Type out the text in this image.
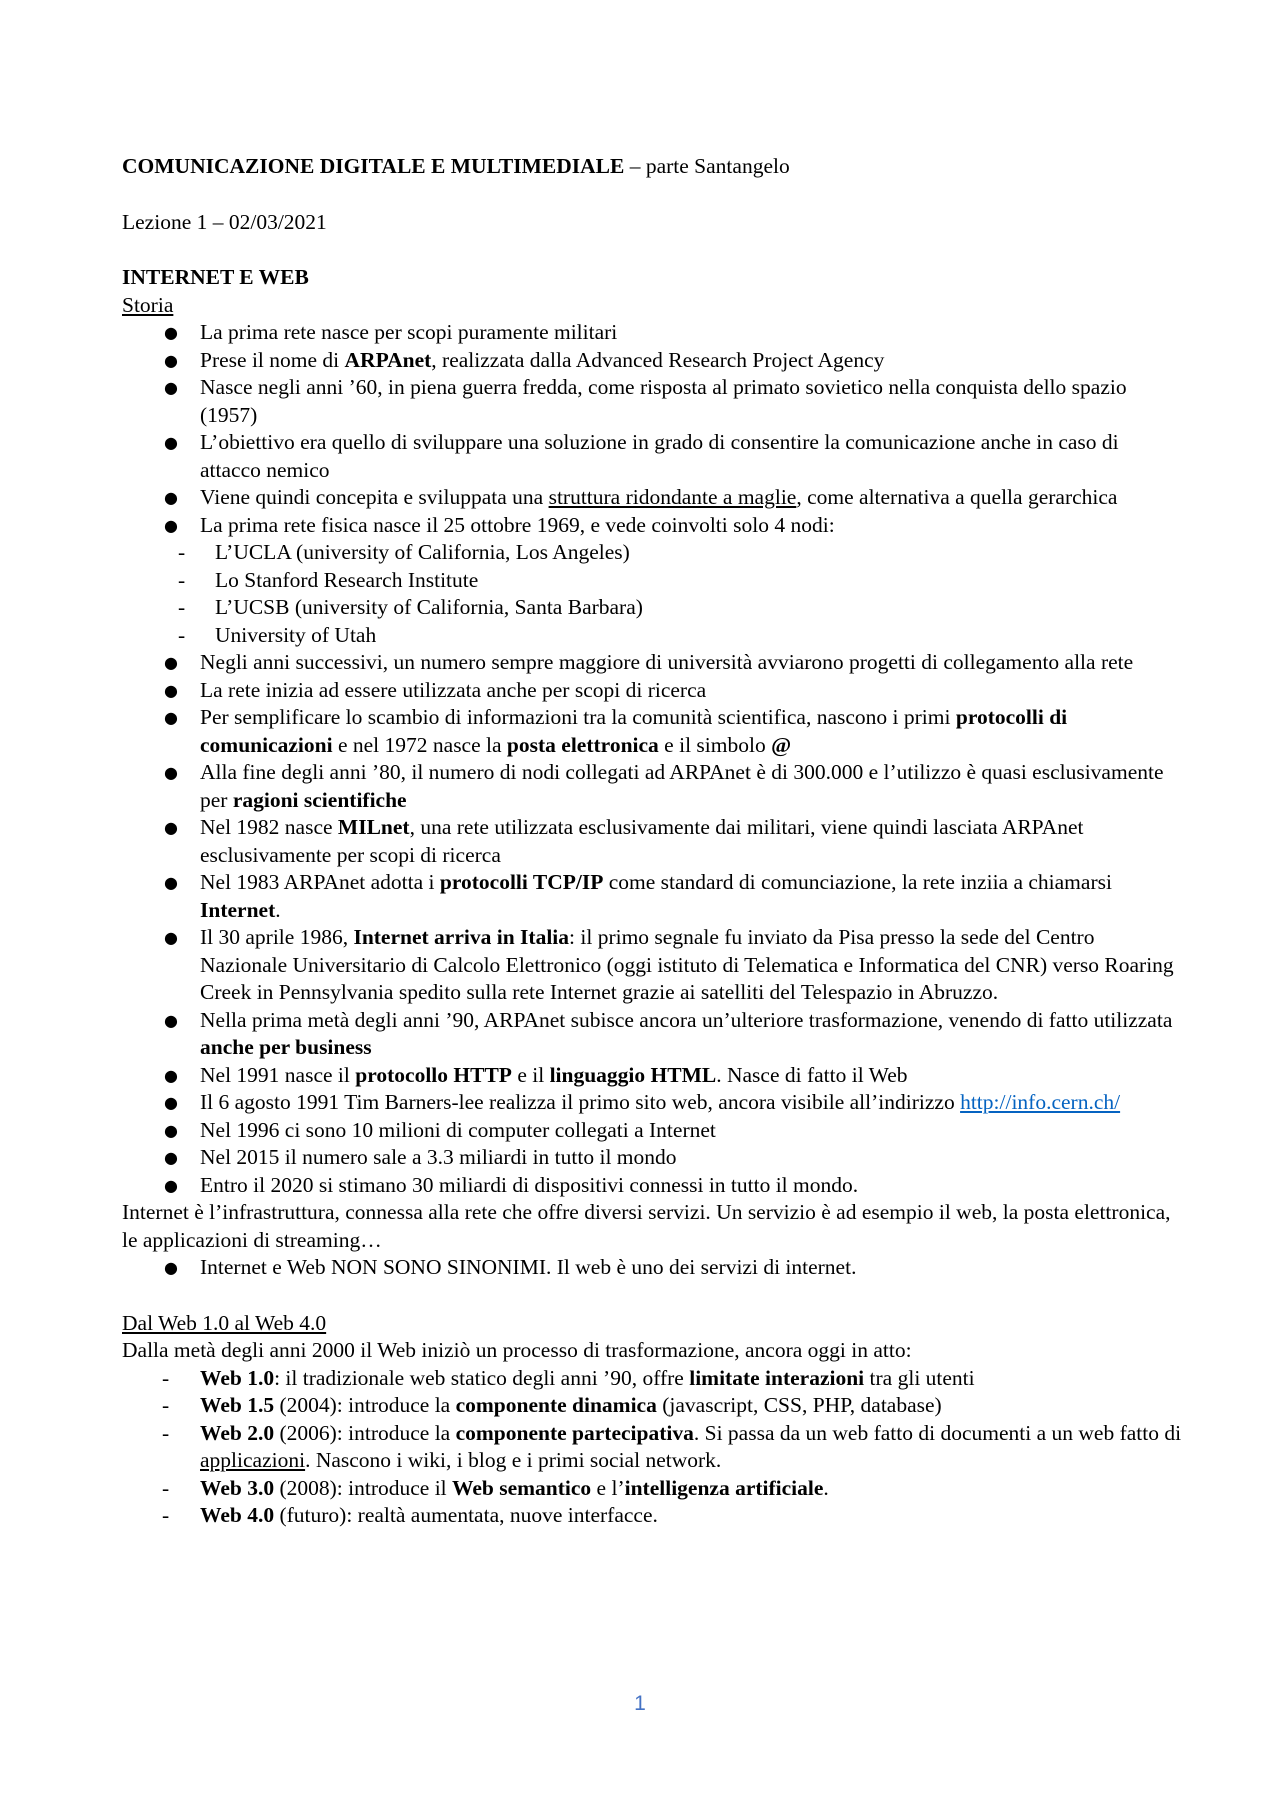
COMUNICAZIONE DIGITALE E MULTIMEDIALE – parte Santangelo

Lezione 1 – 02/03/2021

INTERNET E WEB

Storia

● La prima rete nasce per scopi puramente militari
● Prese il nome di ARPAnet, realizzata dalla Advanced Research Project Agency
● Nasce negli anni ’60, in piena guerra fredda, come risposta al primato sovietico nella conquista dello spazio (1957)
● L’obiettivo era quello di sviluppare una soluzione in grado di consentire la comunicazione anche in caso di attacco nemico
● Viene quindi concepita e sviluppata una struttura ridondante a maglie, come alternativa a quella gerarchica
● La prima rete fisica nasce il 25 ottobre 1969, e vede coinvolti solo 4 nodi:
- L’UCLA (university of California, Los Angeles)
- Lo Stanford Research Institute
- L’UCSB (university of California, Santa Barbara)
- University of Utah
● Negli anni successivi, un numero sempre maggiore di università avviarono progetti di collegamento alla rete
● La rete inizia ad essere utilizzata anche per scopi di ricerca
● Per semplificare lo scambio di informazioni tra la comunità scientifica, nascono i primi protocolli di comunicazioni e nel 1972 nasce la posta elettronica e il simbolo @
● Alla fine degli anni ’80, il numero di nodi collegati ad ARPAnet è di 300.000 e l’utilizzo è quasi esclusivamente per ragioni scientifiche
● Nel 1982 nasce MILnet, una rete utilizzata esclusivamente dai militari, viene quindi lasciata ARPAnet esclusivamente per scopi di ricerca
● Nel 1983 ARPAnet adotta i protocolli TCP/IP come standard di comunciazione, la rete inziia a chiamarsi Internet.
● Il 30 aprile 1986, Internet arriva in Italia: il primo segnale fu inviato da Pisa presso la sede del Centro Nazionale Universitario di Calcolo Elettronico (oggi istituto di Telematica e Informatica del CNR) verso Roaring Creek in Pennsylvania spedito sulla rete Internet grazie ai satelliti del Telespazio in Abruzzo.
● Nella prima metà degli anni ’90, ARPAnet subisce ancora un’ulteriore trasformazione, venendo di fatto utilizzata anche per business
● Nel 1991 nasce il protocollo HTTP e il linguaggio HTML. Nasce di fatto il Web
● Il 6 agosto 1991 Tim Barners-lee realizza il primo sito web, ancora visibile all’indirizzo http://info.cern.ch/
● Nel 1996 ci sono 10 milioni di computer collegati a Internet
● Nel 2015 il numero sale a 3.3 miliardi in tutto il mondo
● Entro il 2020 si stimano 30 miliardi di dispositivi connessi in tutto il mondo.

Internet è l’infrastruttura, connessa alla rete che offre diversi servizi. Un servizio è ad esempio il web, la posta elettronica, le applicazioni di streaming…

● Internet e Web NON SONO SINONIMI. Il web è uno dei servizi di internet.

Dal Web 1.0 al Web 4.0

Dalla metà degli anni 2000 il Web iniziò un processo di trasformazione, ancora oggi in atto:

- Web 1.0: il tradizionale web statico degli anni ’90, offre limitate interazioni tra gli utenti
- Web 1.5 (2004): introduce la componente dinamica (javascript, CSS, PHP, database)
- Web 2.0 (2006): introduce la componente partecipativa. Si passa da un web fatto di documenti a un web fatto di applicazioni. Nascono i wiki, i blog e i primi social network.
- Web 3.0 (2008): introduce il Web semantico e l’intelligenza artificiale.
- Web 4.0 (futuro): realtà aumentata, nuove interfacce.
1
